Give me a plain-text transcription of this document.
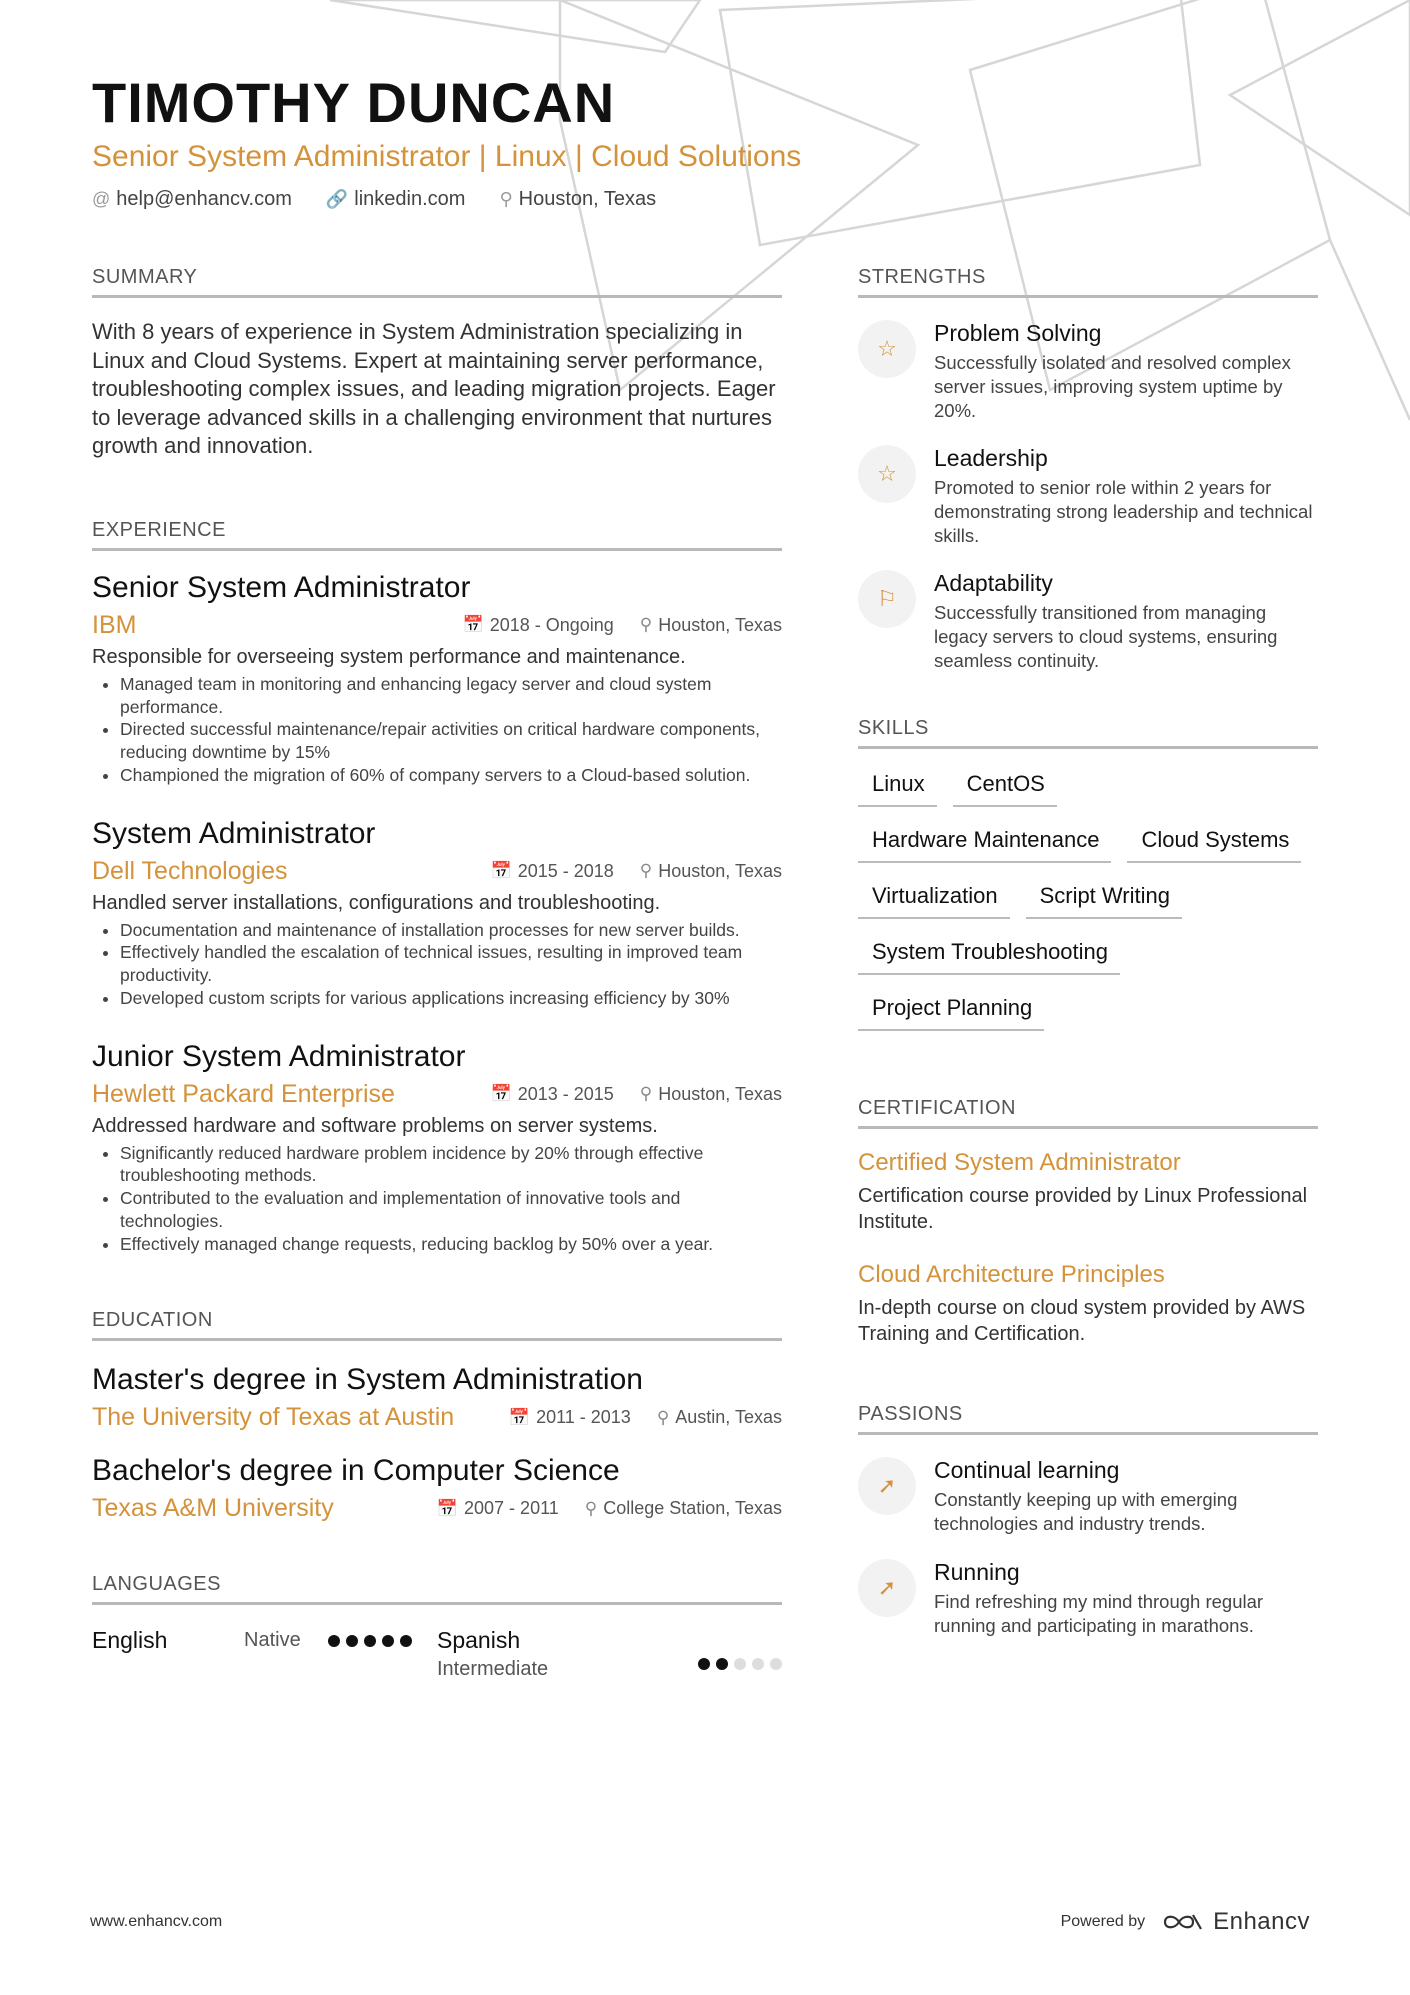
TIMOTHY DUNCAN
Senior System Administrator | Linux | Cloud Solutions
@ help@enhancv.com 🔗 linkedin.com ⚲ Houston, Texas
SUMMARY
With 8 years of experience in System Administration specializing in Linux and Cloud Systems. Expert at maintaining server performance, troubleshooting complex issues, and leading migration projects. Eager to leverage advanced skills in a challenging environment that nurtures growth and innovation.
EXPERIENCE
Senior System Administrator
IBM	📅 2018 - Ongoing ⚲ Houston, Texas
Responsible for overseeing system performance and maintenance.
• Managed team in monitoring and enhancing legacy server and cloud system performance.
• Directed successful maintenance/repair activities on critical hardware components, reducing downtime by 15%
• Championed the migration of 60% of company servers to a Cloud-based solution.
System Administrator
Dell Technologies	📅 2015 - 2018 ⚲ Houston, Texas
Handled server installations, configurations and troubleshooting.
• Documentation and maintenance of installation processes for new server builds.
• Effectively handled the escalation of technical issues, resulting in improved team productivity.
• Developed custom scripts for various applications increasing efficiency by 30%
Junior System Administrator
Hewlett Packard Enterprise	📅 2013 - 2015 ⚲ Houston, Texas
Addressed hardware and software problems on server systems.
• Significantly reduced hardware problem incidence by 20% through effective troubleshooting methods.
• Contributed to the evaluation and implementation of innovative tools and technologies.
• Effectively managed change requests, reducing backlog by 50% over a year.
EDUCATION
Master's degree in System Administration
The University of Texas at Austin	📅 2011 - 2013 ⚲ Austin, Texas
Bachelor's degree in Computer Science
Texas A&M University	📅 2007 - 2011 ⚲ College Station, Texas
LANGUAGES
English	Native	Spanish
Intermediate
STRENGTHS
☆
Problem Solving
Successfully isolated and resolved complex server issues, improving system uptime by 20%.
☆
Leadership
Promoted to senior role within 2 years for demonstrating strong leadership and technical skills.
⚐
Adaptability
Successfully transitioned from managing legacy servers to cloud systems, ensuring seamless continuity.
SKILLS
Linux	CentOS
Hardware Maintenance	Cloud Systems
Virtualization	Script Writing
System Troubleshooting
Project Planning
CERTIFICATION
Certified System Administrator
Certification course provided by Linux Professional Institute.
Cloud Architecture Principles
In-depth course on cloud system provided by AWS Training and Certification.
PASSIONS
➚
Continual learning
Constantly keeping up with emerging technologies and industry trends.
➚
Running
Find refreshing my mind through regular running and participating in marathons.
www.enhancv.com	Powered by	Enhancv
